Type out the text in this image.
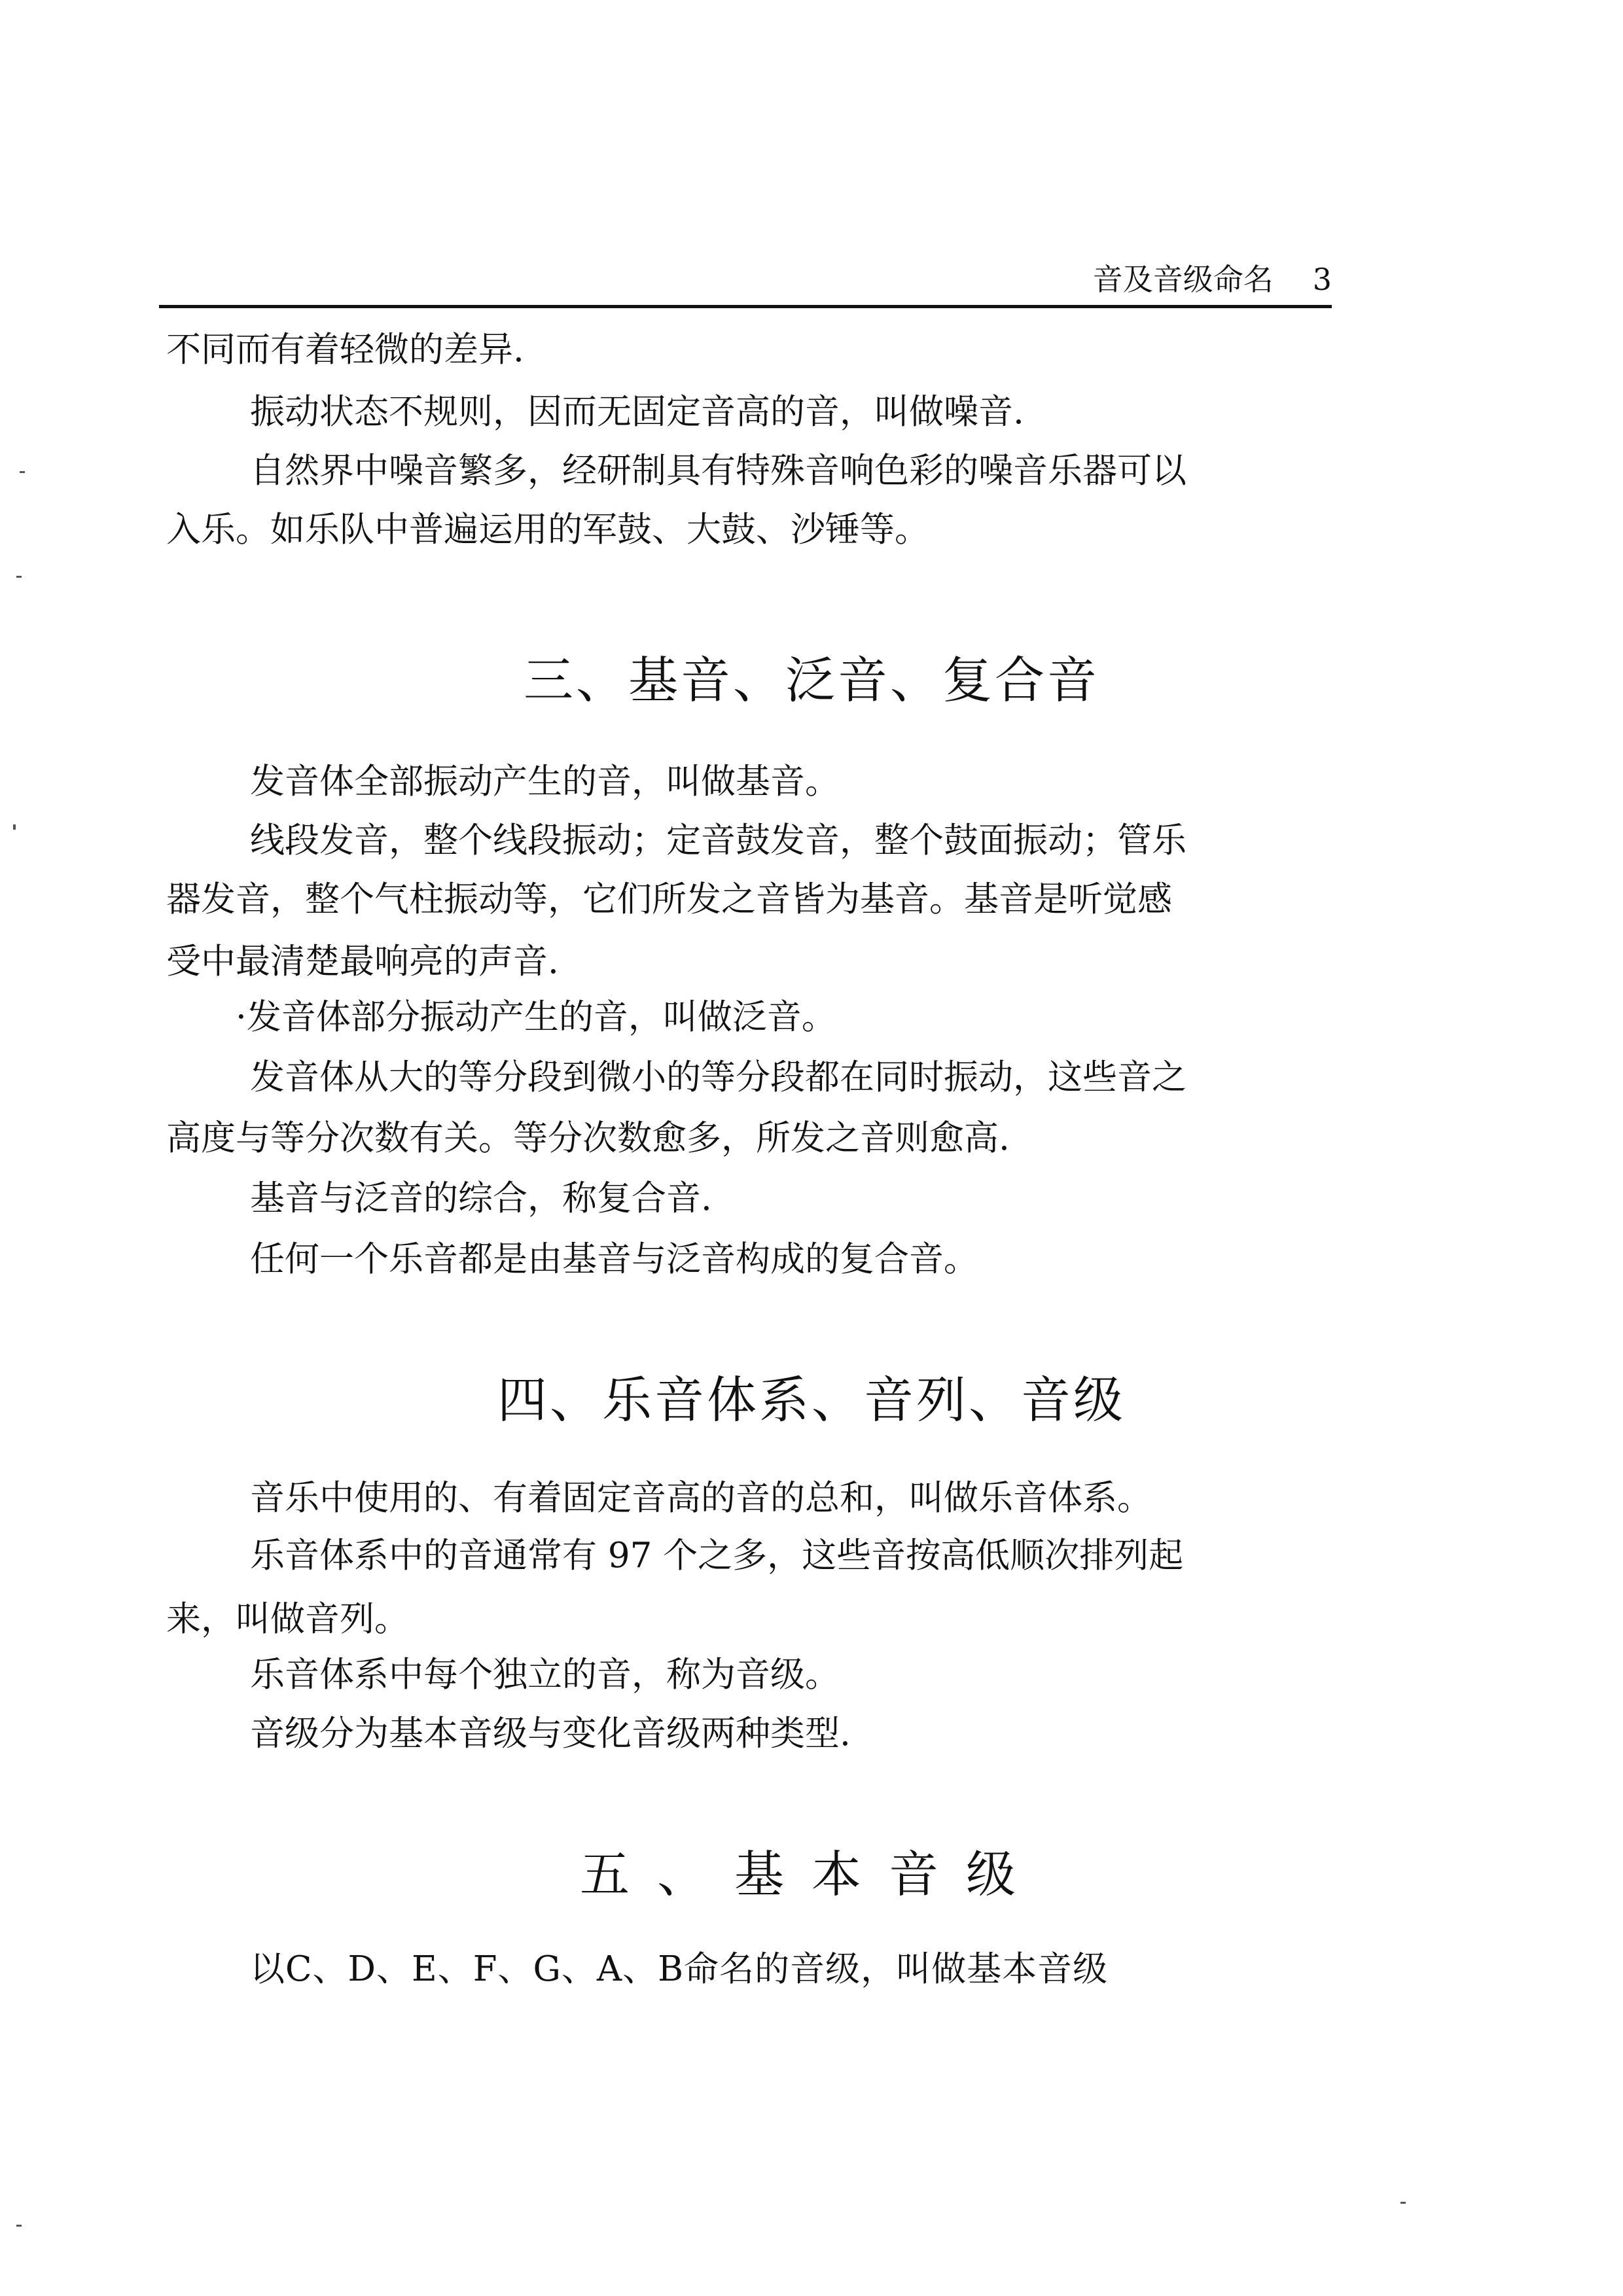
音及音级命名 3
不同而有着轻微的差异.
振动状态不规则，因而无固定音高的音，叫做噪音.
自然界中噪音繁多，经研制具有特殊音响色彩的噪音乐器可以
入乐。如乐队中普遍运用的军鼓、大鼓、沙锤等。
三、基音、泛音、复合音
发音体全部振动产生的音，叫做基音。
线段发音，整个线段振动；定音鼓发音，整个鼓面振动；管乐
器发音，整个气柱振动等，它们所发之音皆为基音。基音是听觉感
受中最清楚最响亮的声音.
·发音体部分振动产生的音，叫做泛音。
发音体从大的等分段到微小的等分段都在同时振动，这些音之
高度与等分次数有关。等分次数愈多，所发之音则愈高.
基音与泛音的综合，称复合音.
任何一个乐音都是由基音与泛音构成的复合音。
四、乐音体系、音列、音级
音乐中使用的、有着固定音高的音的总和，叫做乐音体系。
乐音体系中的音通常有 97 个之多，这些音按高低顺次排列起
来，叫做音列。
乐音体系中每个独立的音，称为音级。
音级分为基本音级与变化音级两种类型.
五、基本音级
以C、D、E、F、G、A、B命名的音级，叫做基本音级
